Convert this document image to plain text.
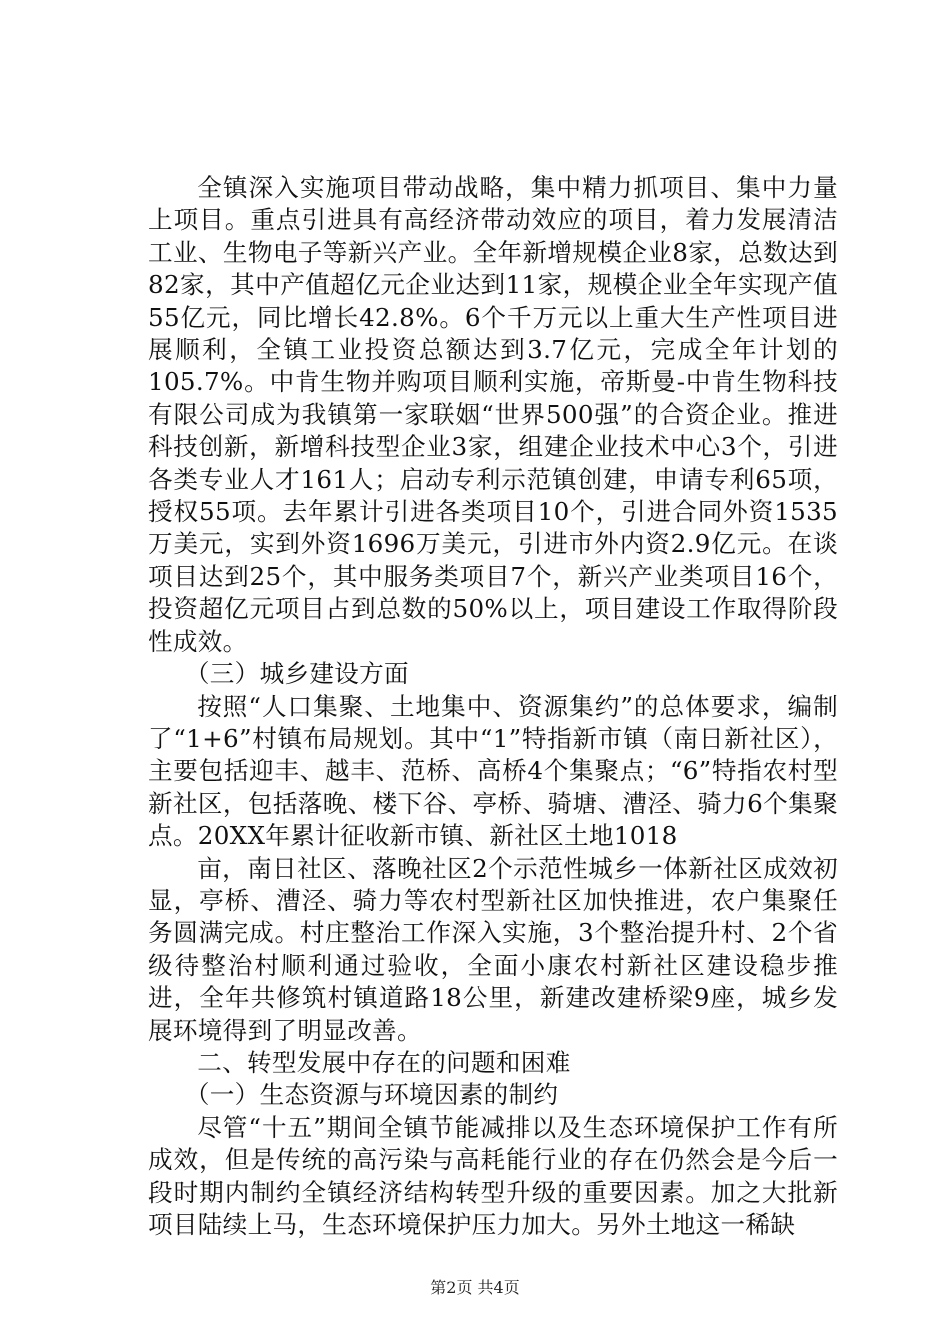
全镇深入实施项目带动战略，集中精力抓项目、集中力量上项目。重点引进具有高经济带动效应的项目，着力发展清洁工业、生物电子等新兴产业。全年新增规模企业8家，总数达到82家，其中产值超亿元企业达到11家，规模企业全年实现产值55亿元，同比增长42.8%。6个千万元以上重大生产性项目进展顺利，全镇工业投资总额达到3.7亿元，完成全年计划的105.7%。中肯生物并购项目顺利实施，帝斯曼-中肯生物科技有限公司成为我镇第一家联姻“世界500强”的合资企业。推进科技创新，新增科技型企业3家，组建企业技术中心3个，引进各类专业人才161人；启动专利示范镇创建，申请专利65项，授权55项。去年累计引进各类项目10个，引进合同外资1535万美元，实到外资1696万美元，引进市外内资2.9亿元。在谈项目达到25个，其中服务类项目7个，新兴产业类项目16个，投资超亿元项目占到总数的50%以上，项目建设工作取得阶段性成效。

（三）城乡建设方面

按照“人口集聚、土地集中、资源集约”的总体要求，编制了“1+6”村镇布局规划。其中“1”特指新市镇（南日新社区），主要包括迎丰、越丰、范桥、高桥4个集聚点；“6”特指农村型新社区，包括落晚、楼下谷、亭桥、骑塘、漕泾、骑力6个集聚点。20XX年累计征收新市镇、新社区土地1018

亩，南日社区、落晚社区2个示范性城乡一体新社区成效初显，亭桥、漕泾、骑力等农村型新社区加快推进，农户集聚任务圆满完成。村庄整治工作深入实施，3个整治提升村、2个省级待整治村顺利通过验收，全面小康农村新社区建设稳步推进，全年共修筑村镇道路18公里，新建改建桥梁9座，城乡发展环境得到了明显改善。

二、转型发展中存在的问题和困难

（一）生态资源与环境因素的制约

尽管“十五”期间全镇节能减排以及生态环境保护工作有所成效，但是传统的高污染与高耗能行业的存在仍然会是今后一段时期内制约全镇经济结构转型升级的重要因素。加之大批新项目陆续上马，生态环境保护压力加大。另外土地这一稀缺

第2页 共4页
